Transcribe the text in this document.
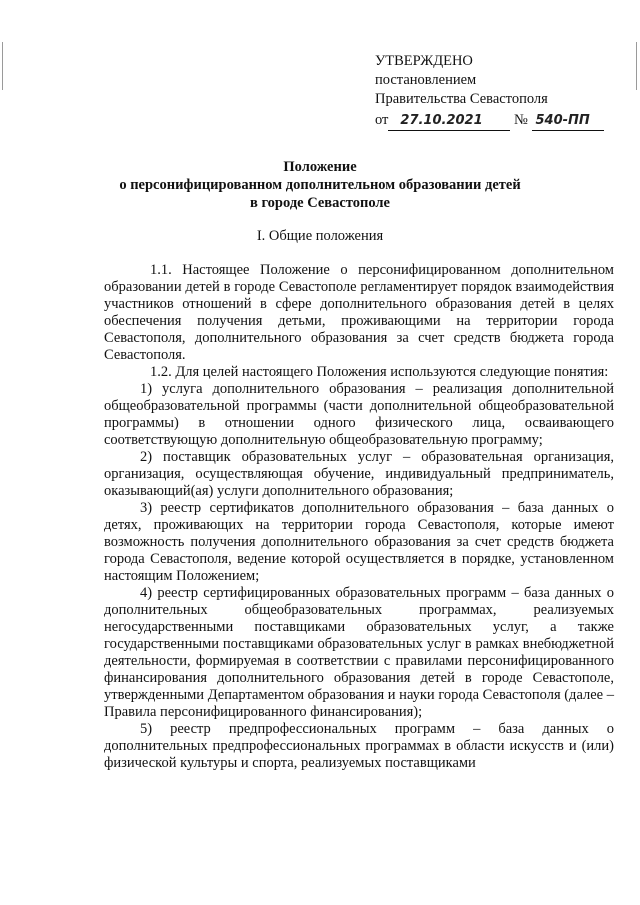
УТВЕРЖДЕНО
постановлением
Правительства Севастополя
от 27.10.2021 № 540-ПП
Положение
о персонифицированном дополнительном образовании детей
в городе Севастополе
I. Общие положения

1.1. Настоящее Положение о персонифицированном дополнительном образовании детей в городе Севастополе регламентирует порядок взаимодействия участников отношений в сфере дополнительного образования детей в целях обеспечения получения детьми, проживающими на территории города Севастополя, дополнительного образования за счет средств бюджета города Севастополя.

1.2. Для целей настоящего Положения используются следующие понятия:

1) услуга дополнительного образования – реализация дополнительной общеобразовательной программы (части дополнительной общеобразовательной программы) в отношении одного физического лица, осваивающего соответствующую дополнительную общеобразовательную программу;

2) поставщик образовательных услуг – образовательная организация, организация, осуществляющая обучение, индивидуальный предприниматель, оказывающий(ая) услуги дополнительного образования;

3) реестр сертификатов дополнительного образования – база данных о детях, проживающих на территории города Севастополя, которые имеют возможность получения дополнительного образования за счет средств бюджета города Севастополя, ведение которой осуществляется в порядке, установленном настоящим Положением;

4) реестр сертифицированных образовательных программ – база данных о дополнительных общеобразовательных программах, реализуемых негосударственными поставщиками образовательных услуг, а также государственными поставщиками образовательных услуг в рамках внебюджетной деятельности, формируемая в соответствии с правилами персонифицированного финансирования дополнительного образования детей в городе Севастополе, утвержденными Департаментом образования и науки города Севастополя (далее – Правила персонифицированного финансирования);

5) реестр предпрофессиональных программ – база данных о дополнительных предпрофессиональных программах в области искусств и (или) физической культуры и спорта, реализуемых поставщиками
